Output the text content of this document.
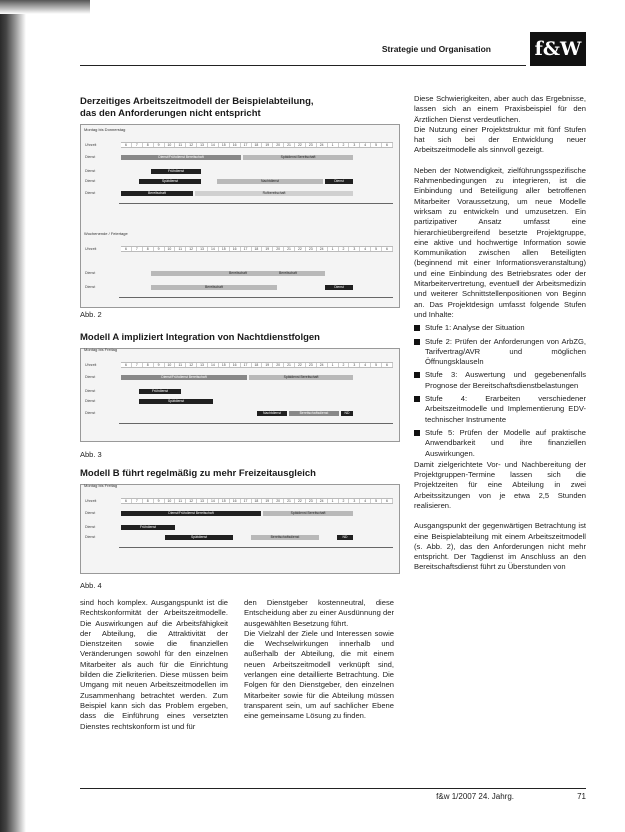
Strategie und Organisation f&W
Derzeitiges Arbeitszeitmodell der Beispielabteilung,
das den Anforderungen nicht entspricht
Montag bis Donnerstag
Uhrzeit	6	7	8	9	10	11	12	13	14	15	16	17	18	19	20	21	22	23	24	1	2	3	4	5	6
Dienst	Dienst/Frühdienst Bereitschaft	Spätdienst Bereitschaft
Dienst	Frühdienst
Dienst	Spätdienst	Nachtdienst	Dienst
Dienst	Bereitschaft	Rufbereitschaft
Wochenende / Feiertage
Uhrzeit	6	7	8	9	10	11	12	13	14	15	16	17	18	19	20	21	22	23	24	1	2	3	4	5	6
Dienst	Bereitschaft	Bereitschaft
Dienst	Bereitschaft	Dienst
Abb. 2
Modell A impliziert Integration von Nachtdienstfolgen
Montag bis Freitag
Uhrzeit	6	7	8	9	10	11	12	13	14	15	16	17	18	19	20	21	22	23	24	1	2	3	4	5	6
Dienst	Dienst/Frühdienst Bereitschaft	Spätdienst Bereitschaft
Dienst	Frühdienst
Dienst	Spätdienst
Dienst	Nachtdienst	Bereitschaftsdienst	ND
Abb. 3
Modell B führt regelmäßig zu mehr Freizeitausgleich
Montag bis Freitag
Uhrzeit	6	7	8	9	10	11	12	13	14	15	16	17	18	19	20	21	22	23	24	1	2	3	4	5	6
Dienst	Dienst/Frühdienst Bereitschaft	Spätdienst Bereitschaft
Dienst	Frühdienst
Dienst	Spätdienst	Bereitschaftsdienst	ND
Abb. 4

Diese Schwierigkeiten, aber auch das Ergebnisse, lassen sich an einem Praxisbeispiel für den Ärztlichen Dienst verdeutlichen.

Die Nutzung einer Projektstruktur mit fünf Stufen hat sich bei der Entwicklung neuer Arbeitszeitmodelle als sinnvoll gezeigt.

Neben der Notwendigkeit, zielführungsspezifische Rahmenbedingungen zu integrieren, ist die Einbindung und Beteiligung aller betroffenen Mitarbeiter Voraussetzung, um neue Modelle wirksam zu entwickeln und umzusetzen. Ein partizipativer Ansatz umfasst eine hierarchieübergreifend besetzte Projektgruppe, eine aktive und hochwertige Information sowie Kommunikation zwischen allen Beteiligten (beginnend mit einer Informationsveranstaltung) und eine Einbindung des Betriebsrates oder der Mitarbeitervertretung, eventuell der Arbeitsmedizin und weiterer Schnittstellenpositionen von Beginn an. Das Projektdesign umfasst folgende Stufen und Inhalte:

Stufe 1: Analyse der Situation
Stufe 2: Prüfen der Anforderungen von ArbZG, Tarifvertrag/AVR und möglichen Öffnungsklauseln
Stufe 3: Auswertung und gegebenenfalls Prognose der Bereitschaftsdienstbelastungen
Stufe 4: Erarbeiten verschiedener Arbeitszeitmodelle und Implementierung EDV-technischer Instrumente
Stufe 5: Prüfen der Modelle auf praktische Anwendbarkeit und ihre finanziellen Auswirkungen.

Damit zielgerichtete Vor- und Nachbereitung der Projektgruppen-Termine lassen sich die Projektzeiten für eine Abteilung in zwei Arbeitssitzungen von je etwa 2,5 Stunden realisieren.

Ausgangspunkt der gegenwärtigen Betrachtung ist eine Beispielabteilung mit einem Arbeitszeitmodell (s. Abb. 2), das den Anforderungen nicht mehr entspricht. Der Tagdienst im Anschluss an den Bereitschaftsdienst führt zu Überstunden von

sind hoch komplex. Ausgangspunkt ist die Rechtskonformität der Arbeitszeitmodelle. Die Auswirkungen auf die Arbeitsfähigkeit der Abteilung, die Attraktivität der Dienstzeiten sowie die finanziellen Veränderungen sowohl für den einzelnen Mitarbeiter als auch für die Einrichtung bilden die Zielkriterien. Diese müssen beim Umgang mit neuen Arbeitszeitmodellen im Zusammenhang betrachtet werden. Zum Beispiel kann sich das Problem ergeben, dass die Einführung eines versetzten Dienstes rechtskonform ist und für

den Dienstgeber kostenneutral, diese Entscheidung aber zu einer Ausdünnung der ausgewählten Besetzung führt.

Die Vielzahl der Ziele und Interessen sowie die Wechselwirkungen innerhalb und außerhalb der Abteilung, die mit einem neuen Arbeitszeitmodell verknüpft sind, verlangen eine detaillierte Betrachtung. Die Folgen für den Dienstgeber, den einzelnen Mitarbeiter sowie für die Abteilung müssen transparent sein, um auf sachlicher Ebene eine gemeinsame Lösung zu finden.

f&w 1/2007 24. Jahrg.	71
